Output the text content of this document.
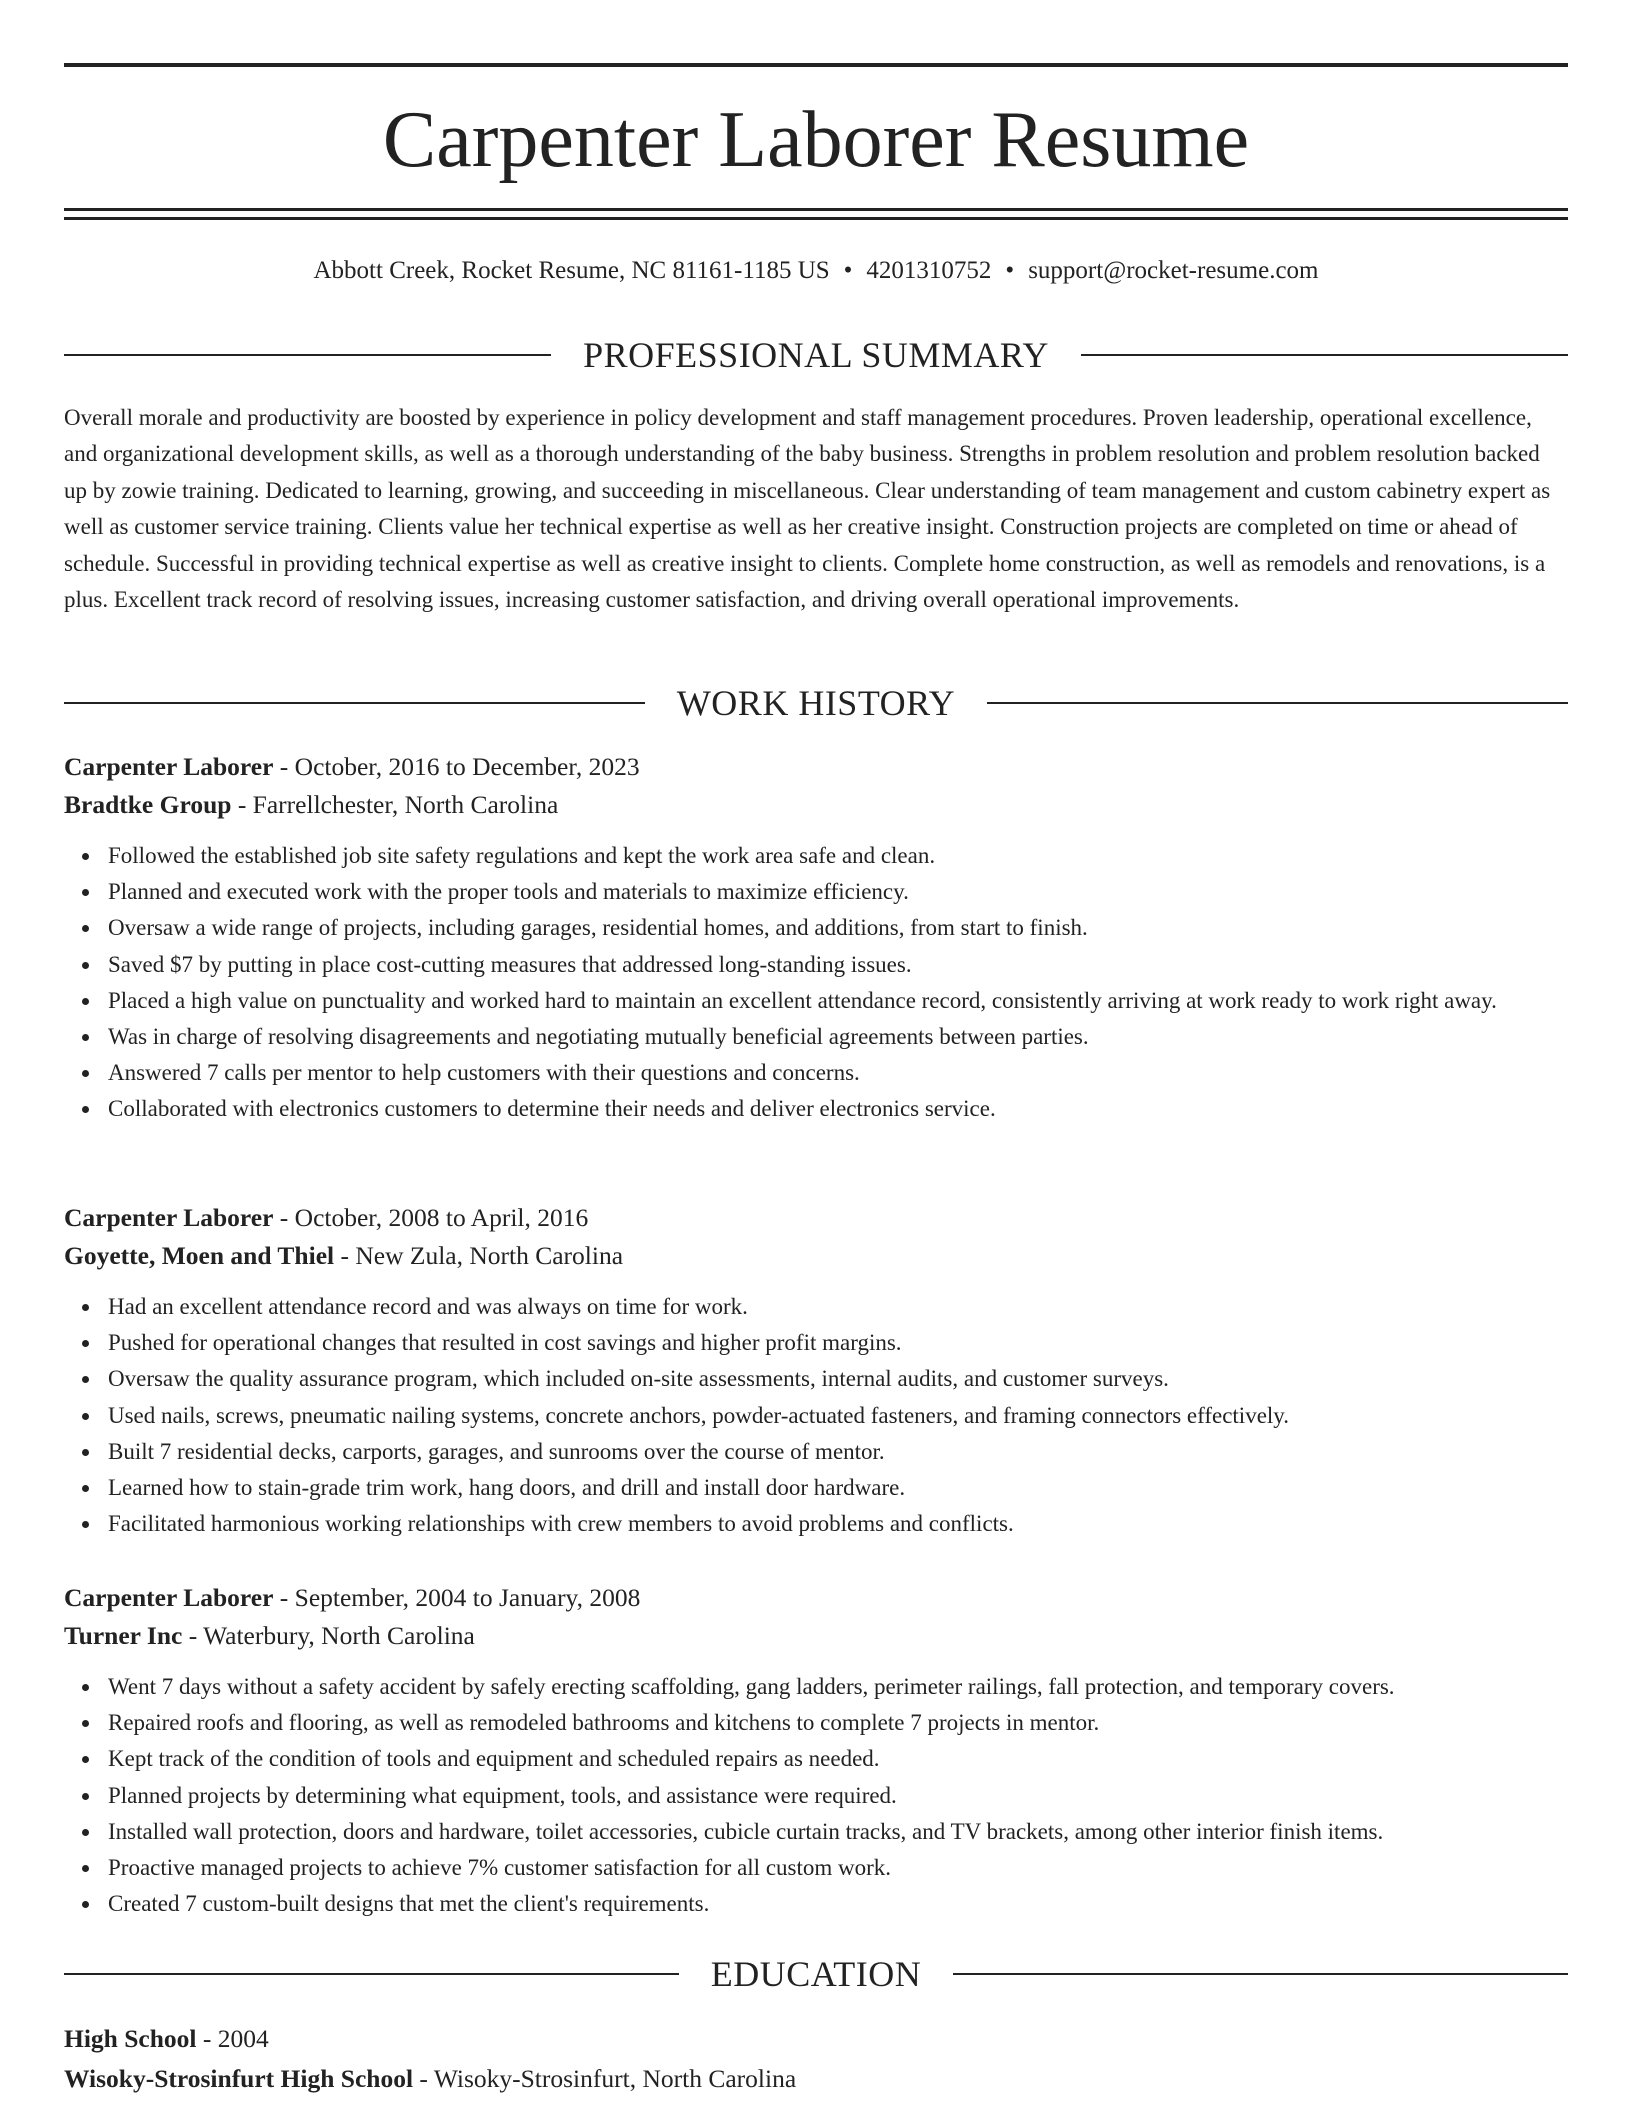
Carpenter Laborer Resume
Abbott Creek, Rocket Resume, NC 81161-1185 US • 4201310752 • support@rocket-resume.com
PROFESSIONAL SUMMARY

Overall morale and productivity are boosted by experience in policy development and staff management procedures. Proven leadership, operational excellence, and organizational development skills, as well as a thorough understanding of the baby business. Strengths in problem resolution and problem resolution backed up by zowie training. Dedicated to learning, growing, and succeeding in miscellaneous. Clear understanding of team management and custom cabinetry expert as well as customer service training. Clients value her technical expertise as well as her creative insight. Construction projects are completed on time or ahead of schedule. Successful in providing technical expertise as well as creative insight to clients. Complete home construction, as well as remodels and renovations, is a plus. Excellent track record of resolving issues, increasing customer satisfaction, and driving overall operational improvements.

WORK HISTORY
Carpenter Laborer - October, 2016 to December, 2023
Bradtke Group - Farrellchester, North Carolina
Followed the established job site safety regulations and kept the work area safe and clean.
Planned and executed work with the proper tools and materials to maximize efficiency.
Oversaw a wide range of projects, including garages, residential homes, and additions, from start to finish.
Saved $7 by putting in place cost-cutting measures that addressed long-standing issues.
Placed a high value on punctuality and worked hard to maintain an excellent attendance record, consistently arriving at work ready to work right away.
Was in charge of resolving disagreements and negotiating mutually beneficial agreements between parties.
Answered 7 calls per mentor to help customers with their questions and concerns.
Collaborated with electronics customers to determine their needs and deliver electronics service.
Carpenter Laborer - October, 2008 to April, 2016
Goyette, Moen and Thiel - New Zula, North Carolina
Had an excellent attendance record and was always on time for work.
Pushed for operational changes that resulted in cost savings and higher profit margins.
Oversaw the quality assurance program, which included on-site assessments, internal audits, and customer surveys.
Used nails, screws, pneumatic nailing systems, concrete anchors, powder-actuated fasteners, and framing connectors effectively.
Built 7 residential decks, carports, garages, and sunrooms over the course of mentor.
Learned how to stain-grade trim work, hang doors, and drill and install door hardware.
Facilitated harmonious working relationships with crew members to avoid problems and conflicts.
Carpenter Laborer - September, 2004 to January, 2008
Turner Inc - Waterbury, North Carolina
Went 7 days without a safety accident by safely erecting scaffolding, gang ladders, perimeter railings, fall protection, and temporary covers.
Repaired roofs and flooring, as well as remodeled bathrooms and kitchens to complete 7 projects in mentor.
Kept track of the condition of tools and equipment and scheduled repairs as needed.
Planned projects by determining what equipment, tools, and assistance were required.
Installed wall protection, doors and hardware, toilet accessories, cubicle curtain tracks, and TV brackets, among other interior finish items.
Proactive managed projects to achieve 7% customer satisfaction for all custom work.
Created 7 custom-built designs that met the client's requirements.
EDUCATION
High School - 2004
Wisoky-Strosinfurt High School - Wisoky-Strosinfurt, North Carolina
